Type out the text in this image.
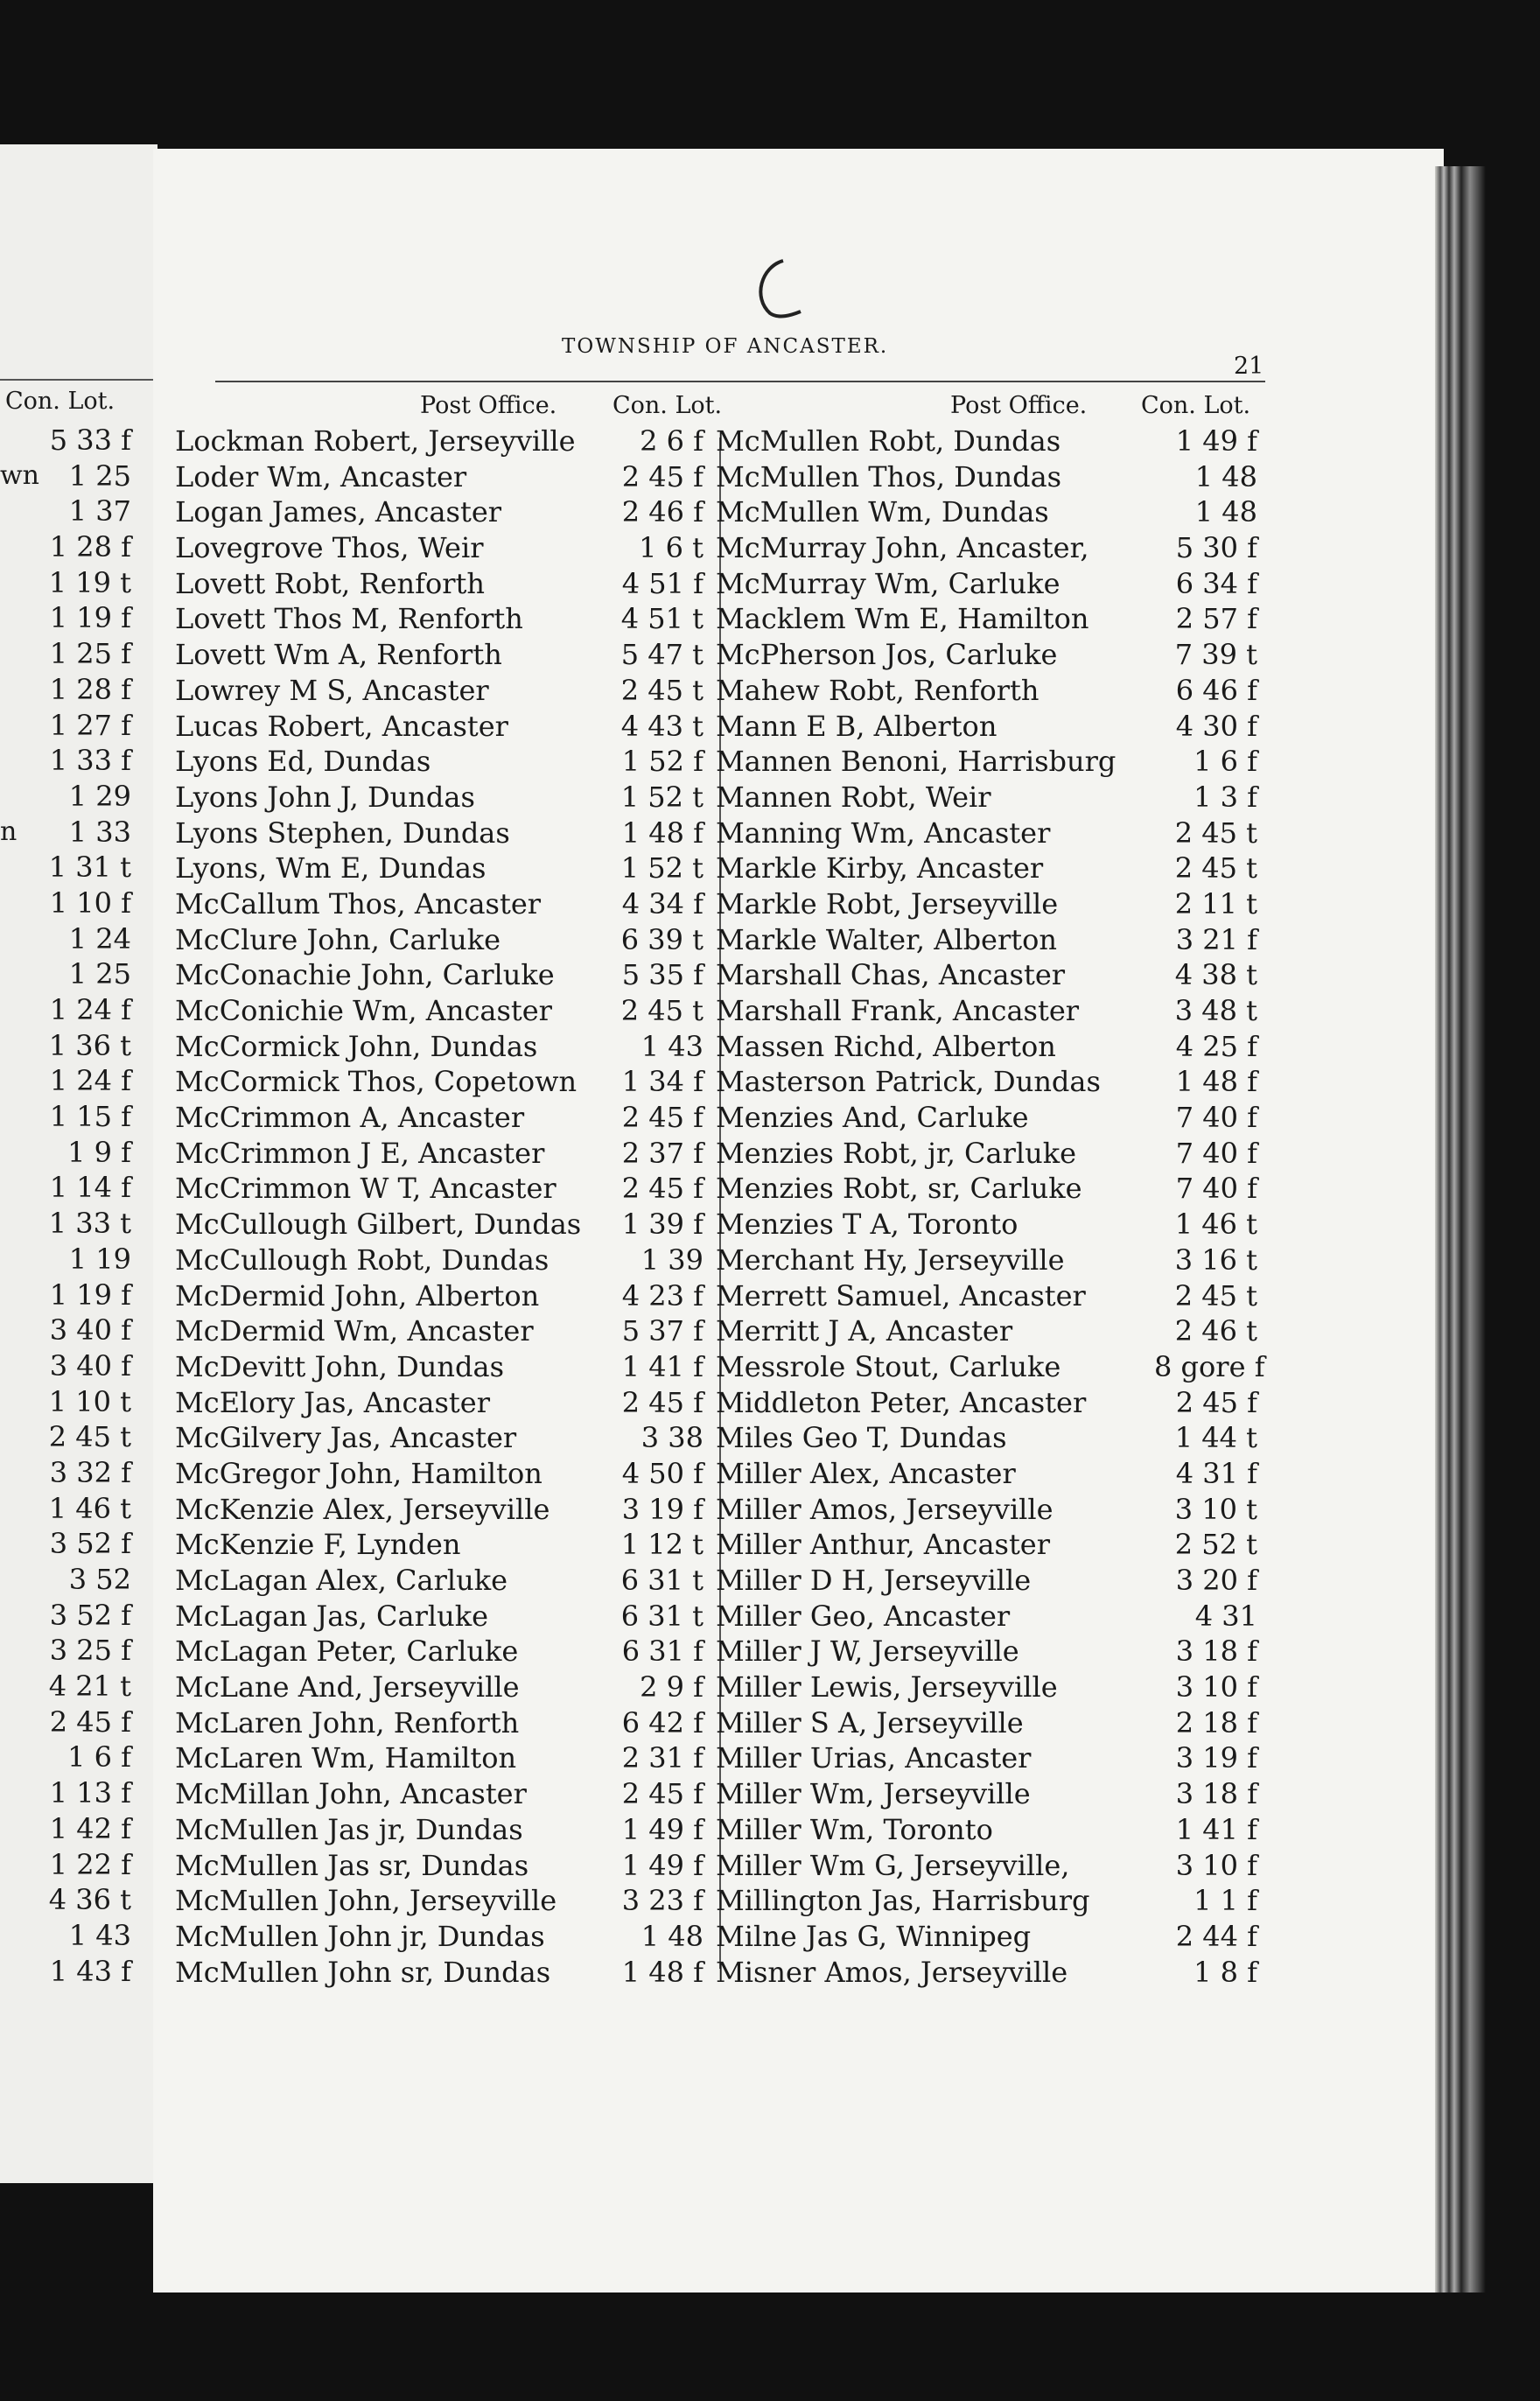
Con. Lot.
5 33 f
wn 1 25
1 37
1 28 f
1 19 t
1 19 f
1 25 f
1 28 f
1 27 f
1 33 f
1 29
n 1 33
1 31 t
1 10 f
1 24
1 25
1 24 f
1 36 t
1 24 f
1 15 f
1 9 f
1 14 f
1 33 t
1 19
1 19 f
3 40 f
3 40 f
1 10 t
2 45 t
3 32 f
1 46 t
3 52 f
3 52
3 52 f
3 25 f
4 21 t
2 45 f
1 6 f
1 13 f
1 42 f
1 22 f
4 36 t
1 43
1 43 f
TOWNSHIP OF ANCASTER.
21
Post Office. Con. Lot.
Lockman Robert, Jerseyville	2 6 f
Loder Wm, Ancaster	2 45 f
Logan James, Ancaster	2 46 f
Lovegrove Thos, Weir	1 6 t
Lovett Robt, Renforth	4 51 f
Lovett Thos M, Renforth	4 51 t
Lovett Wm A, Renforth	5 47 t
Lowrey M S, Ancaster	2 45 t
Lucas Robert, Ancaster	4 43 t
Lyons Ed, Dundas	1 52 f
Lyons John J, Dundas	1 52 t
Lyons Stephen, Dundas	1 48 f
Lyons, Wm E, Dundas	1 52 t
McCallum Thos, Ancaster	4 34 f
McClure John, Carluke	6 39 t
McConachie John, Carluke	5 35 f
McConichie Wm, Ancaster	2 45 t
McCormick John, Dundas	1 43
McCormick Thos, Copetown	1 34 f
McCrimmon A, Ancaster	2 45 f
McCrimmon J E, Ancaster	2 37 f
McCrimmon W T, Ancaster	2 45 f
McCullough Gilbert, Dundas	1 39 f
McCullough Robt, Dundas	1 39
McDermid John, Alberton	4 23 f
McDermid Wm, Ancaster	5 37 f
McDevitt John, Dundas	1 41 f
McElory Jas, Ancaster	2 45 f
McGilvery Jas, Ancaster	3 38
McGregor John, Hamilton	4 50 f
McKenzie Alex, Jerseyville	3 19 f
McKenzie F, Lynden	1 12 t
McLagan Alex, Carluke	6 31 t
McLagan Jas, Carluke	6 31 t
McLagan Peter, Carluke	6 31 f
McLane And, Jerseyville	2 9 f
McLaren John, Renforth	6 42 f
McLaren Wm, Hamilton	2 31 f
McMillan John, Ancaster	2 45 f
McMullen Jas jr, Dundas	1 49 f
McMullen Jas sr, Dundas	1 49 f
McMullen John, Jerseyville	3 23 f
McMullen John jr, Dundas	1 48
McMullen John sr, Dundas	1 48 f
Post Office. Con. Lot.
McMullen Robt, Dundas	1 49 f
McMullen Thos, Dundas	1 48
McMullen Wm, Dundas	1 48
McMurray John, Ancaster,	5 30 f
McMurray Wm, Carluke	6 34 f
Macklem Wm E, Hamilton	2 57 f
McPherson Jos, Carluke	7 39 t
Mahew Robt, Renforth	6 46 f
Mann E B, Alberton	4 30 f
Mannen Benoni, Harrisburg	1 6 f
Mannen Robt, Weir	1 3 f
Manning Wm, Ancaster	2 45 t
Markle Kirby, Ancaster	2 45 t
Markle Robt, Jerseyville	2 11 t
Markle Walter, Alberton	3 21 f
Marshall Chas, Ancaster	4 38 t
Marshall Frank, Ancaster	3 48 t
Massen Richd, Alberton	4 25 f
Masterson Patrick, Dundas	1 48 f
Menzies And, Carluke	7 40 f
Menzies Robt, jr, Carluke	7 40 f
Menzies Robt, sr, Carluke	7 40 f
Menzies T A, Toronto	1 46 t
Merchant Hy, Jerseyville	3 16 t
Merrett Samuel, Ancaster	2 45 t
Merritt J A, Ancaster	2 46 t
Messrole Stout, Carluke	8 gore f
Middleton Peter, Ancaster	2 45 f
Miles Geo T, Dundas	1 44 t
Miller Alex, Ancaster	4 31 f
Miller Amos, Jerseyville	3 10 t
Miller Anthur, Ancaster	2 52 t
Miller D H, Jerseyville	3 20 f
Miller Geo, Ancaster	4 31
Miller J W, Jerseyville	3 18 f
Miller Lewis, Jerseyville	3 10 f
Miller S A, Jerseyville	2 18 f
Miller Urias, Ancaster	3 19 f
Miller Wm, Jerseyville	3 18 f
Miller Wm, Toronto	1 41 f
Miller Wm G, Jerseyville,	3 10 f
Millington Jas, Harrisburg	1 1 f
Milne Jas G, Winnipeg	2 44 f
Misner Amos, Jerseyville	1 8 f
